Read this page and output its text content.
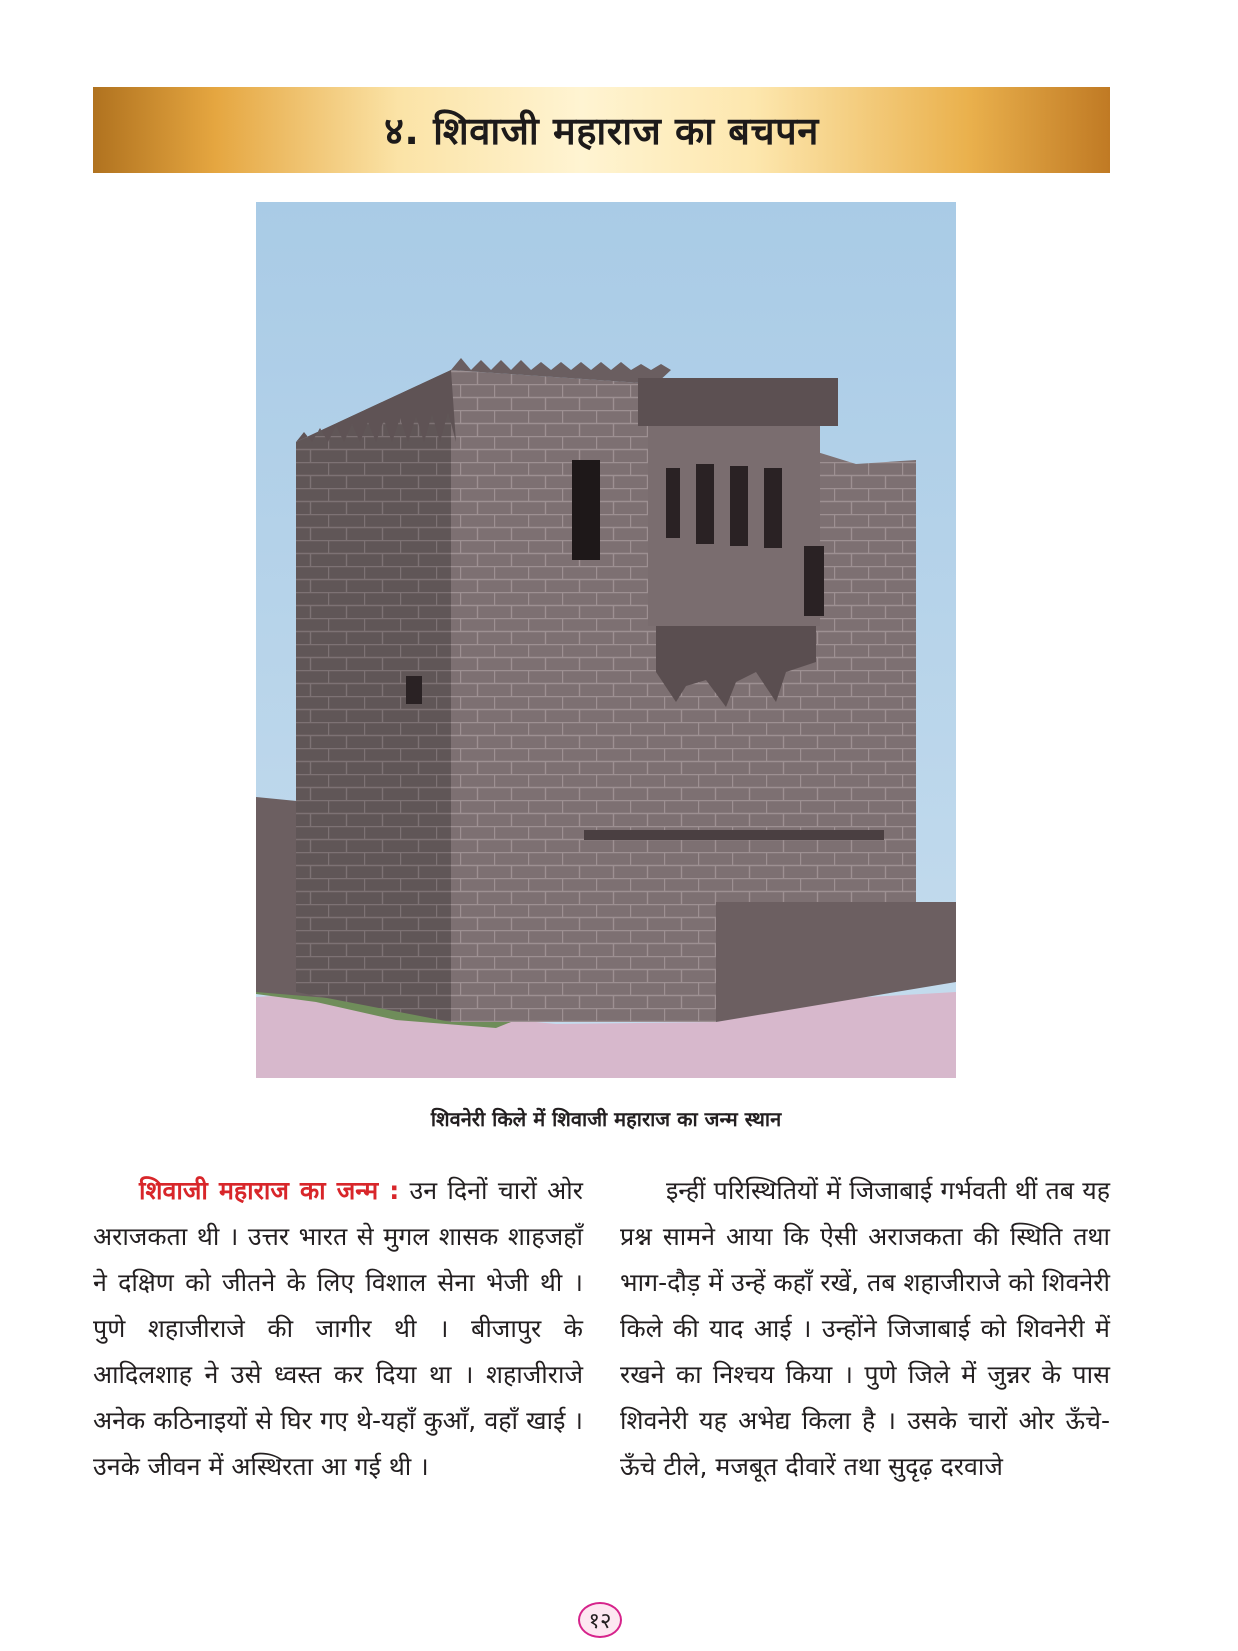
४. शिवाजी महाराज का बचपन
शिवनेरी किले में शिवाजी महाराज का जन्म स्थान

शिवाजी महाराज का जन्म : उन दिनों चारों ओर अराजकता थी । उत्तर भारत से मुगल शासक शाहजहाँ ने दक्षिण को जीतने के लिए विशाल सेना भेजी थी । पुणे शहाजीराजे की जागीर थी । बीजापुर के आदिलशाह ने उसे ध्वस्त कर दिया था । शहाजीराजे अनेक कठिनाइयों से घिर गए थे-यहाँ कुआँ, वहाँ खाई । उनके जीवन में अस्थिरता आ गई थी ।

इन्हीं परिस्थितियों में जिजाबाई गर्भवती थीं तब यह प्रश्न सामने आया कि ऐसी अराजकता की स्थिति तथा भाग-दौड़ में उन्हें कहाँ रखें, तब शहाजीराजे को शिवनेरी किले की याद आई । उन्होंने जिजाबाई को शिवनेरी में रखने का निश्चय किया । पुणे जिले में जुन्नर के पास शिवनेरी यह अभेद्य किला है । उसके चारों ओर ऊँचे-ऊँचे टीले, मजबूत दीवारें तथा सुदृढ़ दरवाजे

१२
